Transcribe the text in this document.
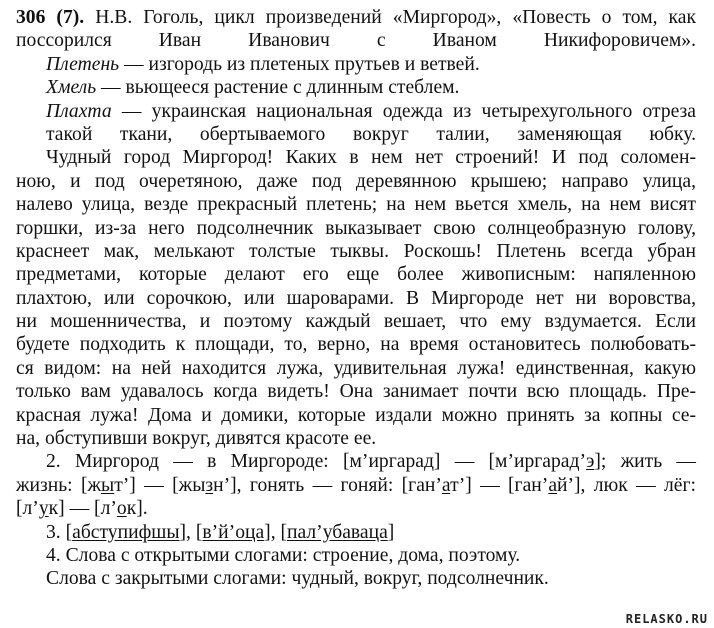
306 (7). Н.В. Гоголь, цикл произведений «Миргород», «Повесть о том, как поссорился Иван Иванович с Иваном Никифоровичем».
Плетень — изгородь из плетеных прутьев и ветвей.
Хмель — вьющееся растение с длинным стеблем.
Плахта — украинская национальная одежда из четырехугольного отреза такой ткани, обертываемого вокруг талии, заменяющая юбку.
Чудный город Миргород! Каких в нем нет строений! И под соломен-
ною, и под очеретяною, даже под деревянною крышею; направо улица,
налево улица, везде прекрасный плетень; на нем вьется хмель, на нем висят
горшки, из-за него подсолнечник выказывает свою солнцеобразную голову,
краснеет мак, мелькают толстые тыквы. Роскошь! Плетень всегда убран
предметами, которые делают его еще более живописным: напяленною
плахтою, или сорочкою, или шароварами. В Миргороде нет ни воровства,
ни мошенничества, и поэтому каждый вешает, что ему вздумается. Если
будете подходить к площади, то, верно, на время остановитесь полюбовать-
ся видом: на ней находится лужа, удивительная лужа! единственная, какую
только вам удавалось когда видеть! Она занимает почти всю площадь. Пре-
красная лужа! Дома и домики, которые издали можно принять за копны се-
на, обступивши вокруг, дивятся красоте ее.
2. Миргород — в Миргороде: [м’иргарад] — [м’иргарад’э]; жить —
жизнь: [жыт’] — [жызн’], гонять — гоняй: [ган’ат’] — [ган’ай’], люк — лёг:
[л’ук] — [л’ок].
3. [абступифшы], [в’й’оца], [пал’убаваца]
4. Слова с открытыми слогами: строение, дома, поэтому.
Слова с закрытыми слогами: чудный, вокруг, подсолнечник.
RELASKO.RU
